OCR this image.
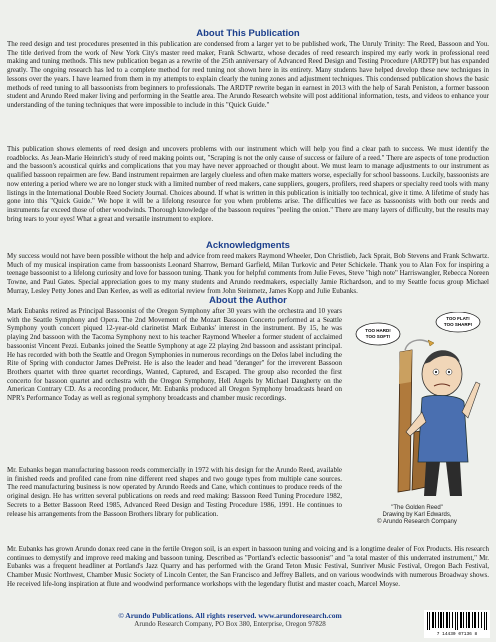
About This Publication

The reed design and test procedures presented in this publication are condensed from a larger yet to be published work, The Unruly Trinity: The Reed, Bassoon and You. The title derived from the work of New York City's master reed maker, Frank Schwartz, whose decades of reed research inspired my early work in professional reed making and tuning methods. This new publication began as a rewrite of the 25th anniversary of Advanced Reed Design and Testing Procedure (ARDTP) but has expanded greatly. The ongoing research has led to a complete method for reed tuning not shown here in its entirety. Many students have helped develop these new techniques in lessons over the years. I have learned from them in my attempts to explain clearly the tuning zones and adjustment techniques. This condensed publication shows the basic methods of reed tuning to all bassoonists from beginners to professionals. The ARDTP rewrite began in earnest in 2013 with the help of Sarah Peniston, a former bassoon student and Arundo Reed maker living and performing in the Seattle area. The Arundo Research website will post additional information, tests, and videos to enhance your understanding of the tuning techniques that were impossible to include in this "Quick Guide."

This publication shows elements of reed design and uncovers problems with our instrument which will help you find a clear path to success. We must identify the roadblocks. As Jean-Marie Heinrich's study of reed making points out, "Scraping is not the only cause of success or failure of a reed." There are aspects of tone production and the bassoon's acoustical quirks and complications that you may have never approached or thought about. We must learn to manage adjustments to our instrument as qualified bassoon repairmen are few. Band instrument repairmen are largely clueless and often make matters worse, especially for school bassoons. Luckily, bassoonists are now entering a period where we are no longer stuck with a limited number of reed makers, cane suppliers, gougers, profilers, reed shapers or specialty reed tools with many listings in the International Double Reed Society Journal. Choices abound. If what is written in this publication is initially too technical, give it time. A lifetime of study has gone into this "Quick Guide." We hope it will be a lifelong resource for you when problems arise. The difficulties we face as bassoonists with both our reeds and instruments far exceed those of other woodwinds. Thorough knowledge of the bassoon requires "peeling the onion." There are many layers of difficulty, but the results may bring tears to your eyes! What a great and versatile instrument to explore.

Acknowledgments

My success would not have been possible without the help and advice from reed makers Raymond Wheeler, Don Christlieb, Jack Sprait, Bob Stevens and Frank Schwartz. Much of my musical inspiration came from bassoonists Leonard Sharrow, Bernard Garfield, Milan Turkovic and Peter Schickele. Thank you to Alan Fox for inspiring a teenage bassoonist to a lifelong curiosity and love for bassoon tuning. Thank you for helpful comments from Julie Feves, Steve "high note" Harriswangler, Rebecca Noreen Towne, and Paul Gates. Special appreciation goes to my many students and Arundo reedmakers, especially Jamie Richardson, and to my Seattle focus group Michael Murray, Lesley Petty Jones and Dan Kerlee, as well as editorial review from John Steinmetz, James Kopp and Julie Eubanks.

About the Author

Mark Eubanks retired as Principal Bassoonist of the Oregon Symphony after 30 years with the orchestra and 10 years with the Seattle Symphony and Opera. The 2nd Movement of the Mozart Bassoon Concerto performed at a Seattle Symphony youth concert piqued 12-year-old clarinetist Mark Eubanks' interest in the instrument. By 15, he was playing 2nd bassoon with the Tacoma Symphony next to his teacher Raymond Wheeler a former student of acclaimed bassoonist Vincent Pezzi. Eubanks joined the Seattle Symphony at age 22 playing 2nd bassoon and assistant principal. He has recorded with both the Seattle and Oregon Symphonies in numerous recordings on the Delos label including the Rite of Spring with conductor James DePreist. He is also the leader and head "deranger" for the irreverent Bassoon Brothers quartet with three quartet recordings, Wanted, Captured, and Escaped. The group also recorded the first concerto for bassoon quartet and orchestra with the Oregon Symphony, Hell Angels by Michael Daugherty on the American Contrary CD. As a recording producer, Mr. Eubanks produced all Oregon Symphony broadcasts heard on NPR's Performance Today as well as regional symphony broadcasts and chamber music recordings.

Mr. Eubanks began manufacturing bassoon reeds commercially in 1972 with his design for the Arundo Reed, available in finished reeds and profiled cane from nine different reed shapes and two gouge types from multiple cane sources. The reed manufacturing business is now operated by Arundo Reeds and Cane, which continues to produce reeds of the original design. He has written several publications on reeds and reed making: Bassoon Reed Tuning Procedure 1982, Secrets to a Better Bassoon Reed 1985, Advanced Reed Design and Testing Procedure 1986, 1991. He continues to release his arrangements from the Bassoon Brothers library for publication.

TOO HARD!
TOO SOFT!
TOO FLAT!
TOO SHARP!
"The Golden Reed"
Drawing by Karl Edwards,
© Arundo Research Company

Mr. Eubanks has grown Arundo donax reed cane in the fertile Oregon soil, is an expert in bassoon tuning and voicing and is a longtime dealer of Fox Products. His research continues to demystify and improve reed making and bassoon tuning. Described as "Portland's eclectic bassoonist" and "a total master of this underrated instrument," Mr. Eubanks was a frequent headliner at Portland's Jazz Quarry and has performed with the Grand Teton Music Festival, Sunriver Music Festival, Oregon Bach Festival, Chamber Music Northwest, Chamber Music Society of Lincoln Center, the San Francisco and Jeffrey Ballets, and on various woodwinds with numerous Broadway shows. He received life-long inspiration at flute and woodwind performance workshops with the legendary flutist and master coach, Marcel Moyse.

© Arundo Publications. All rights reserved. www.arundoresearch.com
Arundo Research Company, PO Box 380, Enterprise, Oregon 97828
7 14430 07136 8
